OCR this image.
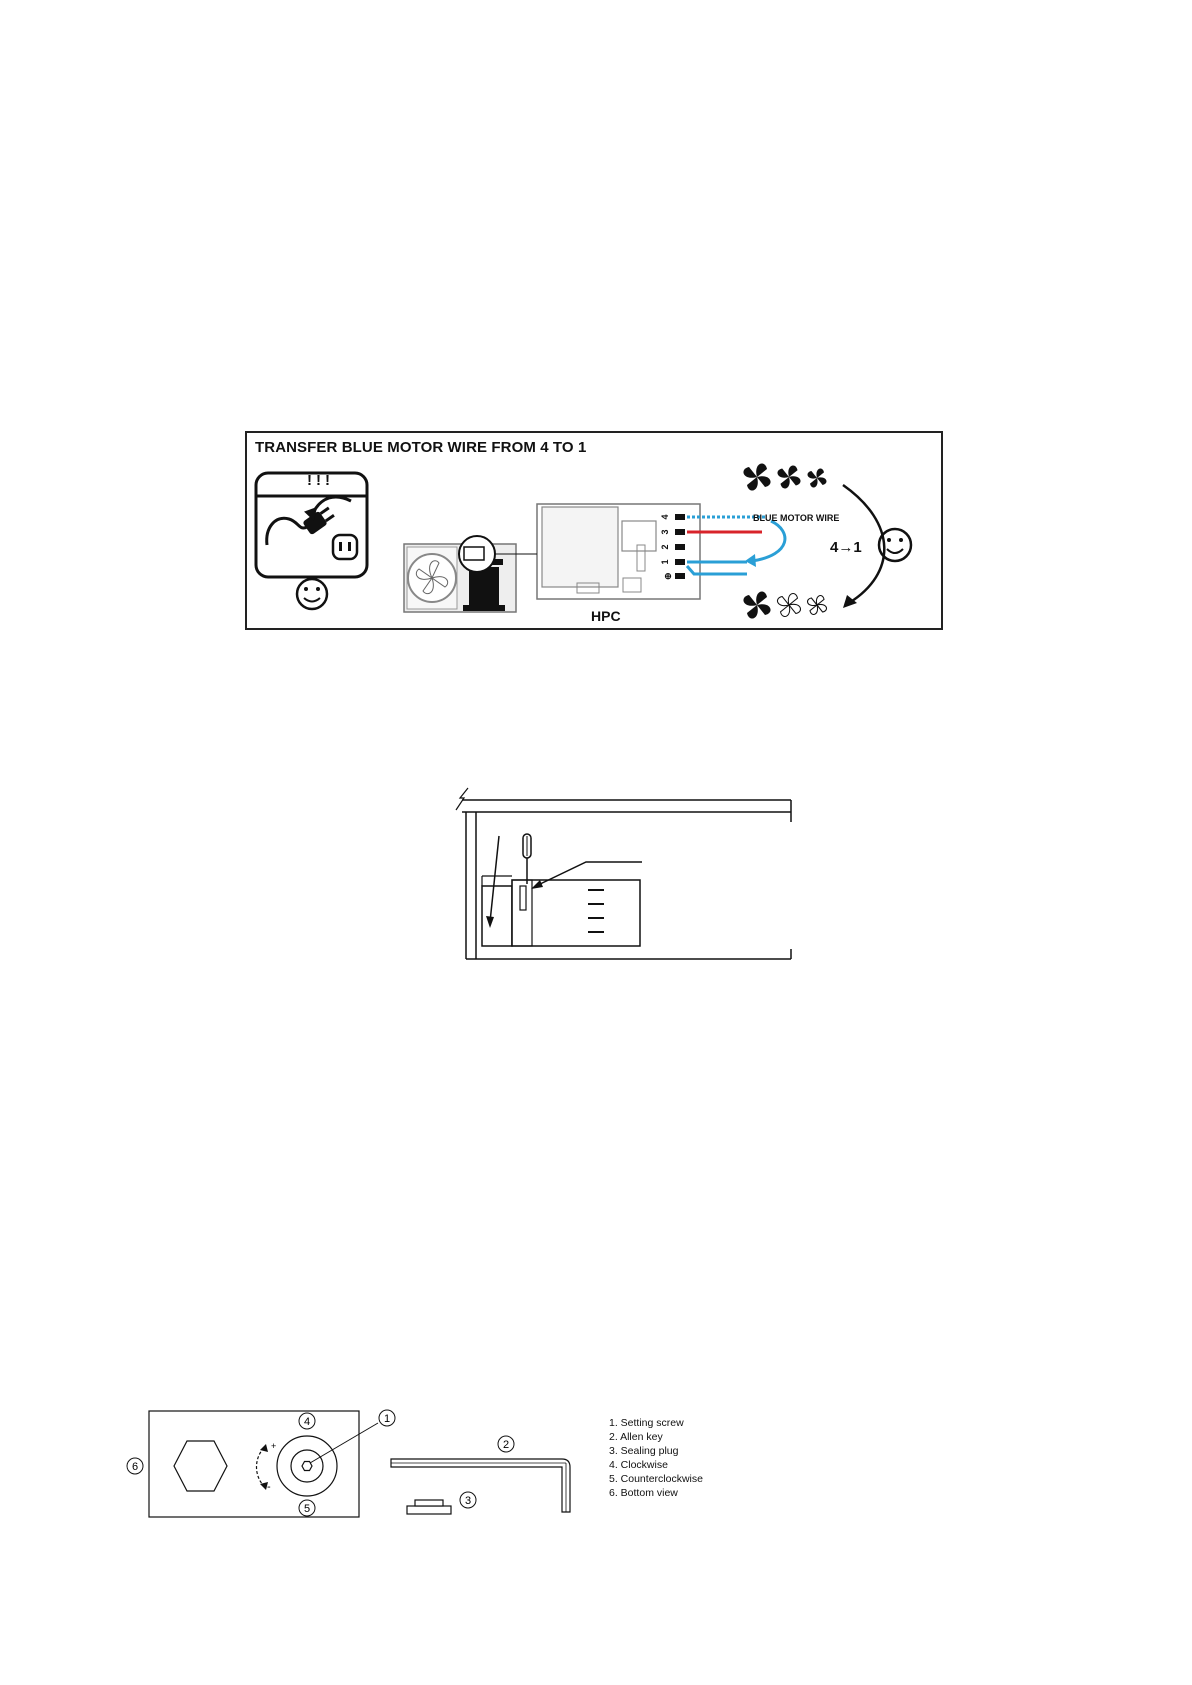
TRANSFER BLUE MOTOR WIRE FROM 4 TO 1
4
3
2
1
⊕
!!!
BLUE MOTOR WIRE
4→1
HPC
+
-
1
2
3
4
5
6
1. Setting screw
2. Allen key
3. Sealing plug
4. Clockwise
5. Counterclockwise
6. Bottom view
